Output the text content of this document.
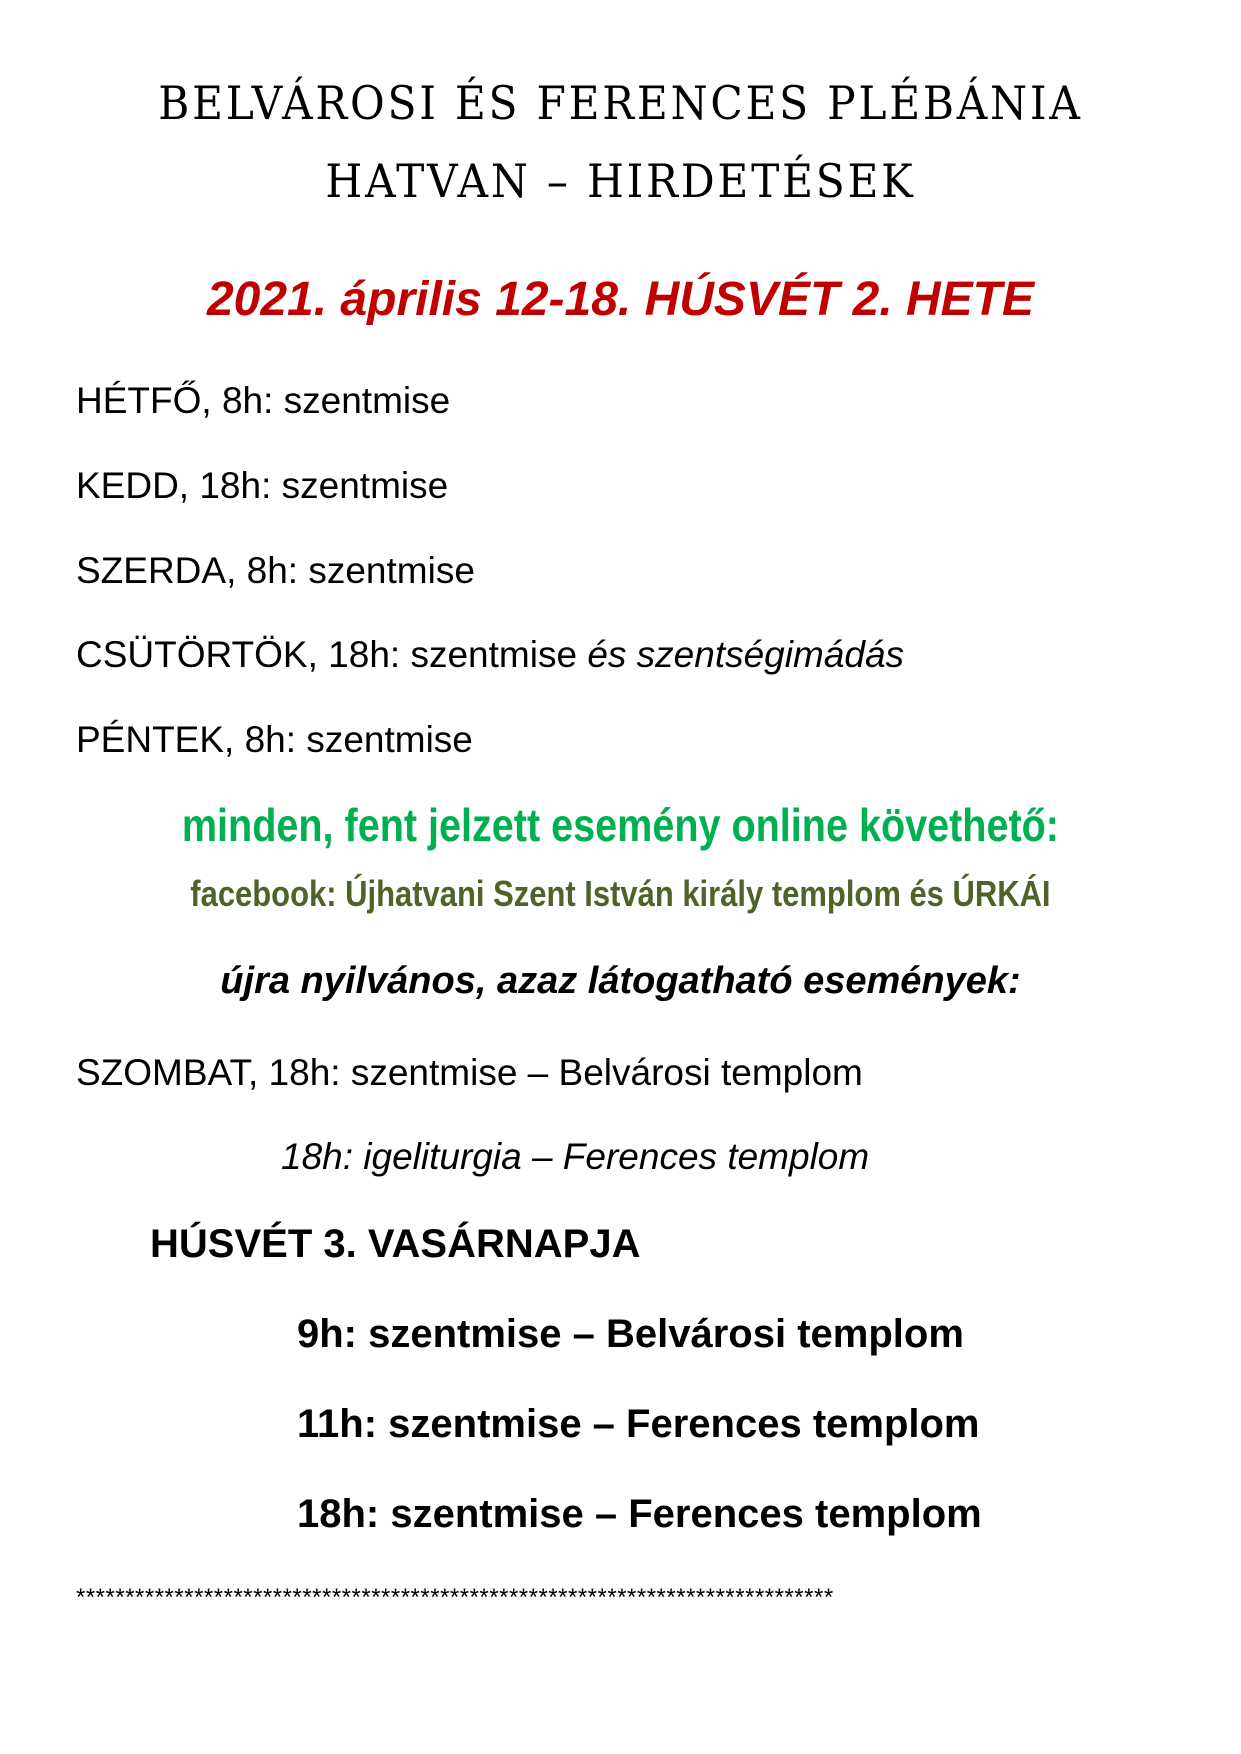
BELVÁROSI ÉS FERENCES PLÉBÁNIA
HATVAN – HIRDETÉSEK
2021. április 12-18. HÚSVÉT 2. HETE
HÉTFŐ, 8h: szentmise
KEDD, 18h: szentmise
SZERDA, 8h: szentmise
CSÜTÖRTÖK, 18h: szentmise és szentségimádás
PÉNTEK, 8h: szentmise
minden, fent jelzett esemény online követhető:
facebook: Újhatvani Szent István király templom és ÚRKÁI
újra nyilvános, azaz látogatható események:
SZOMBAT, 18h: szentmise – Belvárosi templom
18h: igeliturgia – Ferences templom
HÚSVÉT 3. VASÁRNAPJA
9h: szentmise – Belvárosi templom
11h: szentmise – Ferences templom
18h: szentmise – Ferences templom
*****************************************************************************
